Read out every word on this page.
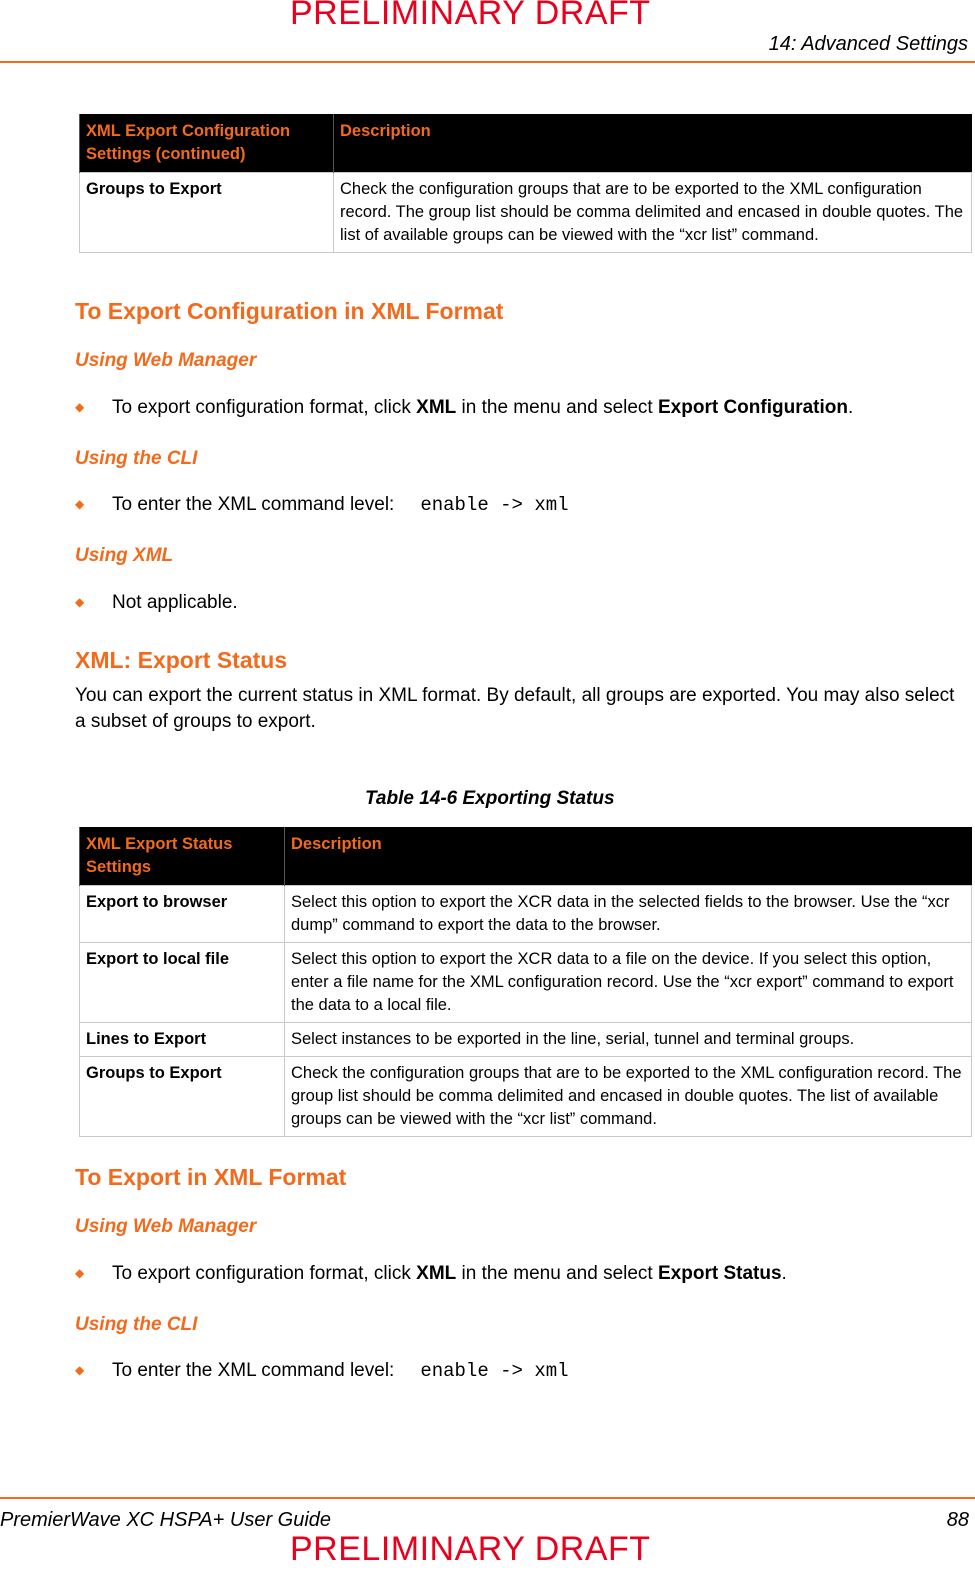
PRELIMINARY DRAFT
14: Advanced Settings
XML Export Configuration Settings (continued)	Description
Groups to Export	Check the configuration groups that are to be exported to the XML configuration record. The group list should be comma delimited and encased in double quotes. The list of available groups can be viewed with the “xcr list” command.
To Export Configuration in XML Format
Using Web Manager
◆ To export configuration format, click XML in the menu and select Export Configuration.
Using the CLI
◆ To enter the XML command level: enable -> xml
Using XML
◆ Not applicable.
XML: Export Status
You can export the current status in XML format. By default, all groups are exported. You may also select a subset of groups to export.
Table 14-6 Exporting Status
XML Export Status Settings	Description
Export to browser	Select this option to export the XCR data in the selected fields to the browser. Use the “xcr dump” command to export the data to the browser.
Export to local file	Select this option to export the XCR data to a file on the device. If you select this option, enter a file name for the XML configuration record. Use the “xcr export” command to export the data to a local file.
Lines to Export	Select instances to be exported in the line, serial, tunnel and terminal groups.
Groups to Export	Check the configuration groups that are to be exported to the XML configuration record. The group list should be comma delimited and encased in double quotes. The list of available groups can be viewed with the “xcr list” command.
To Export in XML Format
Using Web Manager
◆ To export configuration format, click XML in the menu and select Export Status.
Using the CLI
◆ To enter the XML command level: enable -> xml
PremierWave XC HSPA+ User Guide	88
PRELIMINARY DRAFT
